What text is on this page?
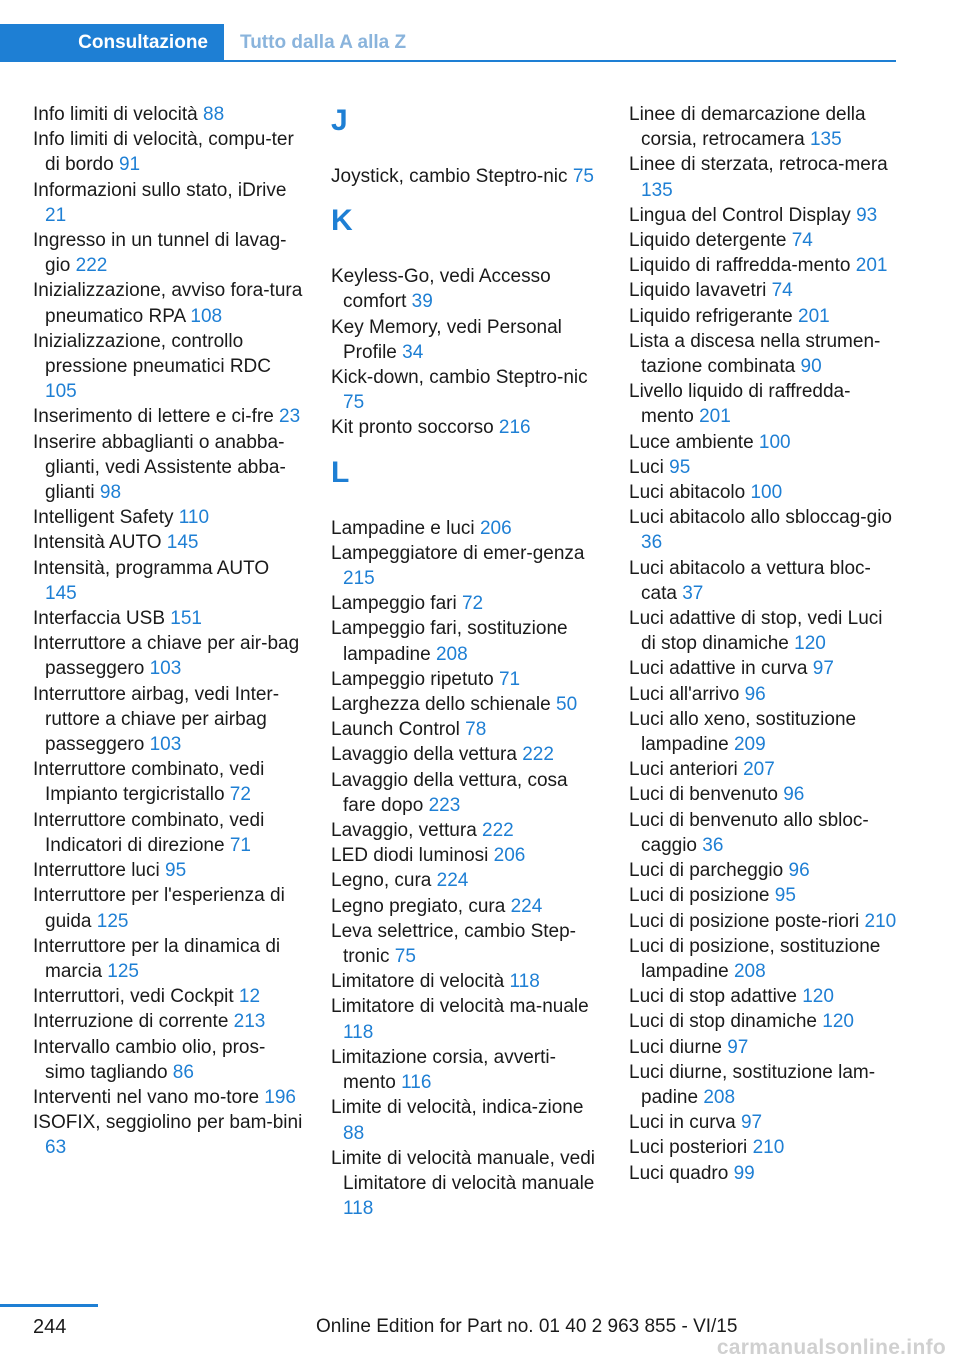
Consultazione	Tutto dalla A alla Z
Info limiti di velocità 88
Info limiti di velocità, compu-ter di bordo 91
Informazioni sullo stato, iDrive 21
Ingresso in un tunnel di lavag-gio 222
Inizializzazione, avviso fora-tura pneumatico RPA 108
Inizializzazione, controllo pressione pneumatici RDC 105
Inserimento di lettere e ci-fre 23
Inserire abbaglianti o anabba-glianti, vedi Assistente abba-glianti 98
Intelligent Safety 110
Intensità AUTO 145
Intensità, programma AUTO 145
Interfaccia USB 151
Interruttore a chiave per air-bag passeggero 103
Interruttore airbag, vedi Inter-ruttore a chiave per airbag passeggero 103
Interruttore combinato, vedi Impianto tergicristallo 72
Interruttore combinato, vedi Indicatori di direzione 71
Interruttore luci 95
Interruttore per l'esperienza di guida 125
Interruttore per la dinamica di marcia 125
Interruttori, vedi Cockpit 12
Interruzione di corrente 213
Intervallo cambio olio, pros-simo tagliando 86
Interventi nel vano mo-tore 196
ISOFIX, seggiolino per bam-bini 63
J
Joystick, cambio Steptro-nic 75
K
Keyless-Go, vedi Accesso comfort 39
Key Memory, vedi Personal Profile 34
Kick-down, cambio Steptro-nic 75
Kit pronto soccorso 216
L
Lampadine e luci 206
Lampeggiatore di emer-genza 215
Lampeggio fari 72
Lampeggio fari, sostituzione lampadine 208
Lampeggio ripetuto 71
Larghezza dello schienale 50
Launch Control 78
Lavaggio della vettura 222
Lavaggio della vettura, cosa fare dopo 223
Lavaggio, vettura 222
LED diodi luminosi 206
Legno, cura 224
Legno pregiato, cura 224
Leva selettrice, cambio Step-tronic 75
Limitatore di velocità 118
Limitatore di velocità ma-nuale 118
Limitazione corsia, avverti-mento 116
Limite di velocità, indica-zione 88
Limite di velocità manuale, vedi Limitatore di velocità manuale 118
Linee di demarcazione della corsia, retrocamera 135
Linee di sterzata, retroca-mera 135
Lingua del Control Display 93
Liquido detergente 74
Liquido di raffredda-mento 201
Liquido lavavetri 74
Liquido refrigerante 201
Lista a discesa nella strumen-tazione combinata 90
Livello liquido di raffredda-mento 201
Luce ambiente 100
Luci 95
Luci abitacolo 100
Luci abitacolo allo sbloccag-gio 36
Luci abitacolo a vettura bloc-cata 37
Luci adattive di stop, vedi Luci di stop dinamiche 120
Luci adattive in curva 97
Luci all'arrivo 96
Luci allo xeno, sostituzione lampadine 209
Luci anteriori 207
Luci di benvenuto 96
Luci di benvenuto allo sbloc-caggio 36
Luci di parcheggio 96
Luci di posizione 95
Luci di posizione poste-riori 210
Luci di posizione, sostituzione lampadine 208
Luci di stop adattive 120
Luci di stop dinamiche 120
Luci diurne 97
Luci diurne, sostituzione lam-padine 208
Luci in curva 97
Luci posteriori 210
Luci quadro 99
244	Online Edition for Part no. 01 40 2 963 855 - VI/15
carmanualsonline.info
